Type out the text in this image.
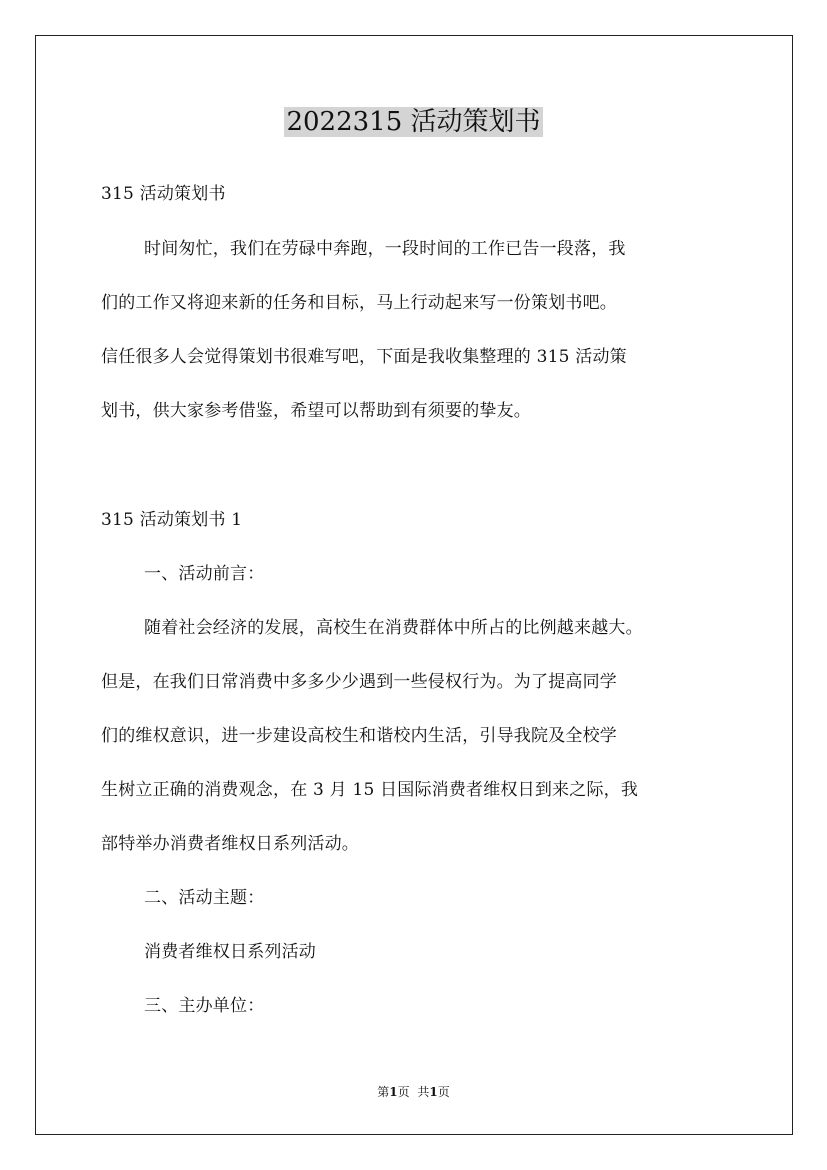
2022315 活动策划书
315 活动策划书
时间匆忙，我们在劳碌中奔跑，一段时间的工作已告一段落，我
们的工作又将迎来新的任务和目标，马上行动起来写一份策划书吧。
信任很多人会觉得策划书很难写吧，下面是我收集整理的 315 活动策
划书，供大家参考借鉴，希望可以帮助到有须要的挚友。
315 活动策划书 1
一、活动前言：
随着社会经济的发展，高校生在消费群体中所占的比例越来越大。
但是，在我们日常消费中多多少少遇到一些侵权行为。为了提高同学
们的维权意识，进一步建设高校生和谐校内生活，引导我院及全校学
生树立正确的消费观念，在 3 月 15 日国际消费者维权日到来之际，我
部特举办消费者维权日系列活动。
二、活动主题：
消费者维权日系列活动
三、主办单位：
第1页 共1页
